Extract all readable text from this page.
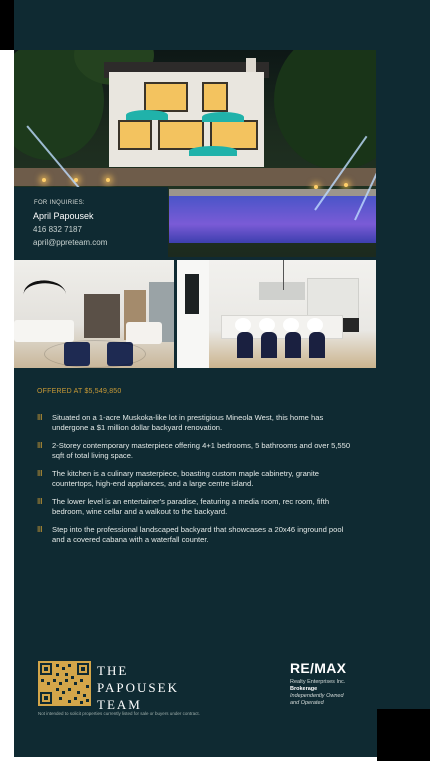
FOR INQUIRIES:
April Papousek
416 832 7187
april@ppreteam.com
OFFERED AT $5,549,850
III Situated on a 1-acre Muskoka-like lot in prestigious Mineola West, this home has undergone a $1 million dollar backyard renovation.
III 2-Storey contemporary masterpiece offering 4+1 bedrooms, 5 bathrooms and over 5,550 sqft of total living space.
III The kitchen is a culinary masterpiece, boasting custom maple cabinetry, granite countertops, high-end appliances, and a large centre island.
III The lower level is an entertainer's paradise, featuring a media room, rec room, fifth bedroom, wine cellar and a walkout to the backyard.
III Step into the professional landscaped backyard that showcases a 20x46 inground pool and a covered cabana with a waterfall counter.
THE
PAPOUSEK
TEAM
RE/MAX
Realty Enterprises Inc.
Brokerage
Independently Owned
and Operated
Not intended to solicit properties currently listed for sale or buyers under contract.
